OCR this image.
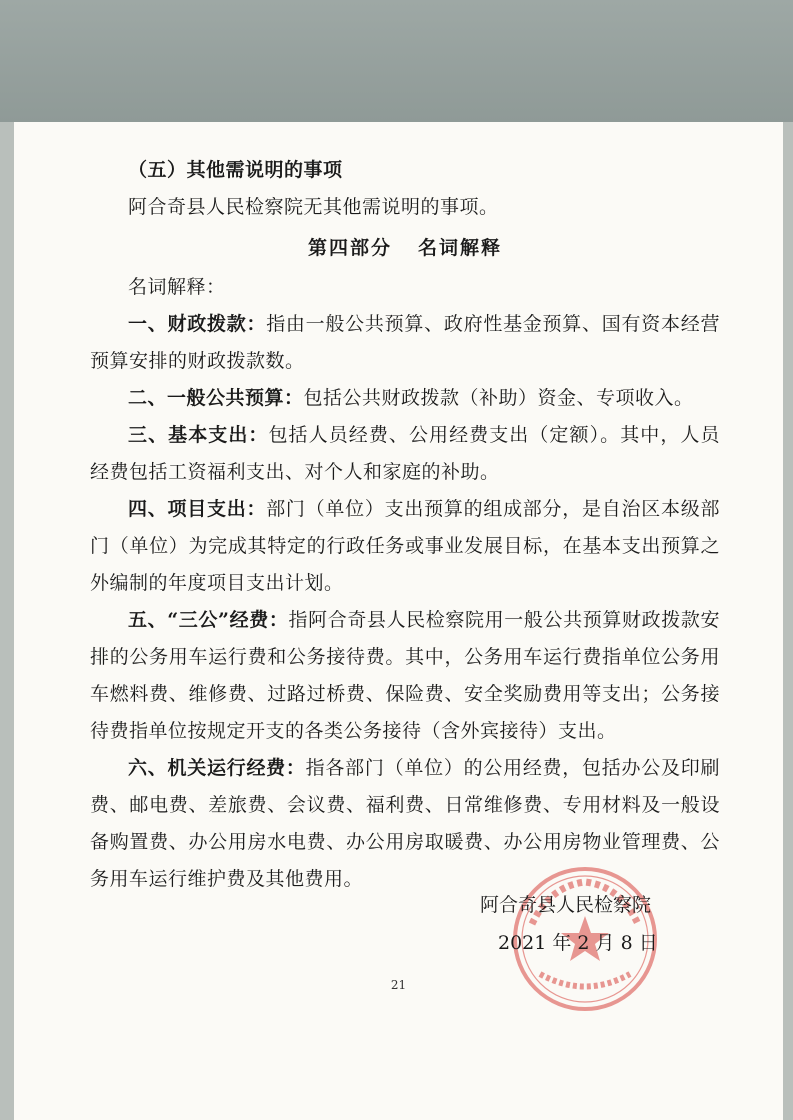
（五）其他需说明的事项
阿合奇县人民检察院无其他需说明的事项。
第四部分 名词解释
名词解释：
一、财政拨款：指由一般公共预算、政府性基金预算、国有资本经营预算安排的财政拨款数。
二、一般公共预算：包括公共财政拨款（补助）资金、专项收入。
三、基本支出：包括人员经费、公用经费支出（定额）。其中，人员经费包括工资福利支出、对个人和家庭的补助。
四、项目支出：部门（单位）支出预算的组成部分，是自治区本级部门（单位）为完成其特定的行政任务或事业发展目标，在基本支出预算之外编制的年度项目支出计划。
五、“三公”经费：指阿合奇县人民检察院用一般公共预算财政拨款安排的公务用车运行费和公务接待费。其中，公务用车运行费指单位公务用车燃料费、维修费、过路过桥费、保险费、安全奖励费用等支出；公务接待费指单位按规定开支的各类公务接待（含外宾接待）支出。
六、机关运行经费：指各部门（单位）的公用经费，包括办公及印刷费、邮电费、差旅费、会议费、福利费、日常维修费、专用材料及一般设备购置费、办公用房水电费、办公用房取暖费、办公用房物业管理费、公务用车运行维护费及其他费用。
阿合奇县人民检察院
2021 年 2 月 8 日
21
